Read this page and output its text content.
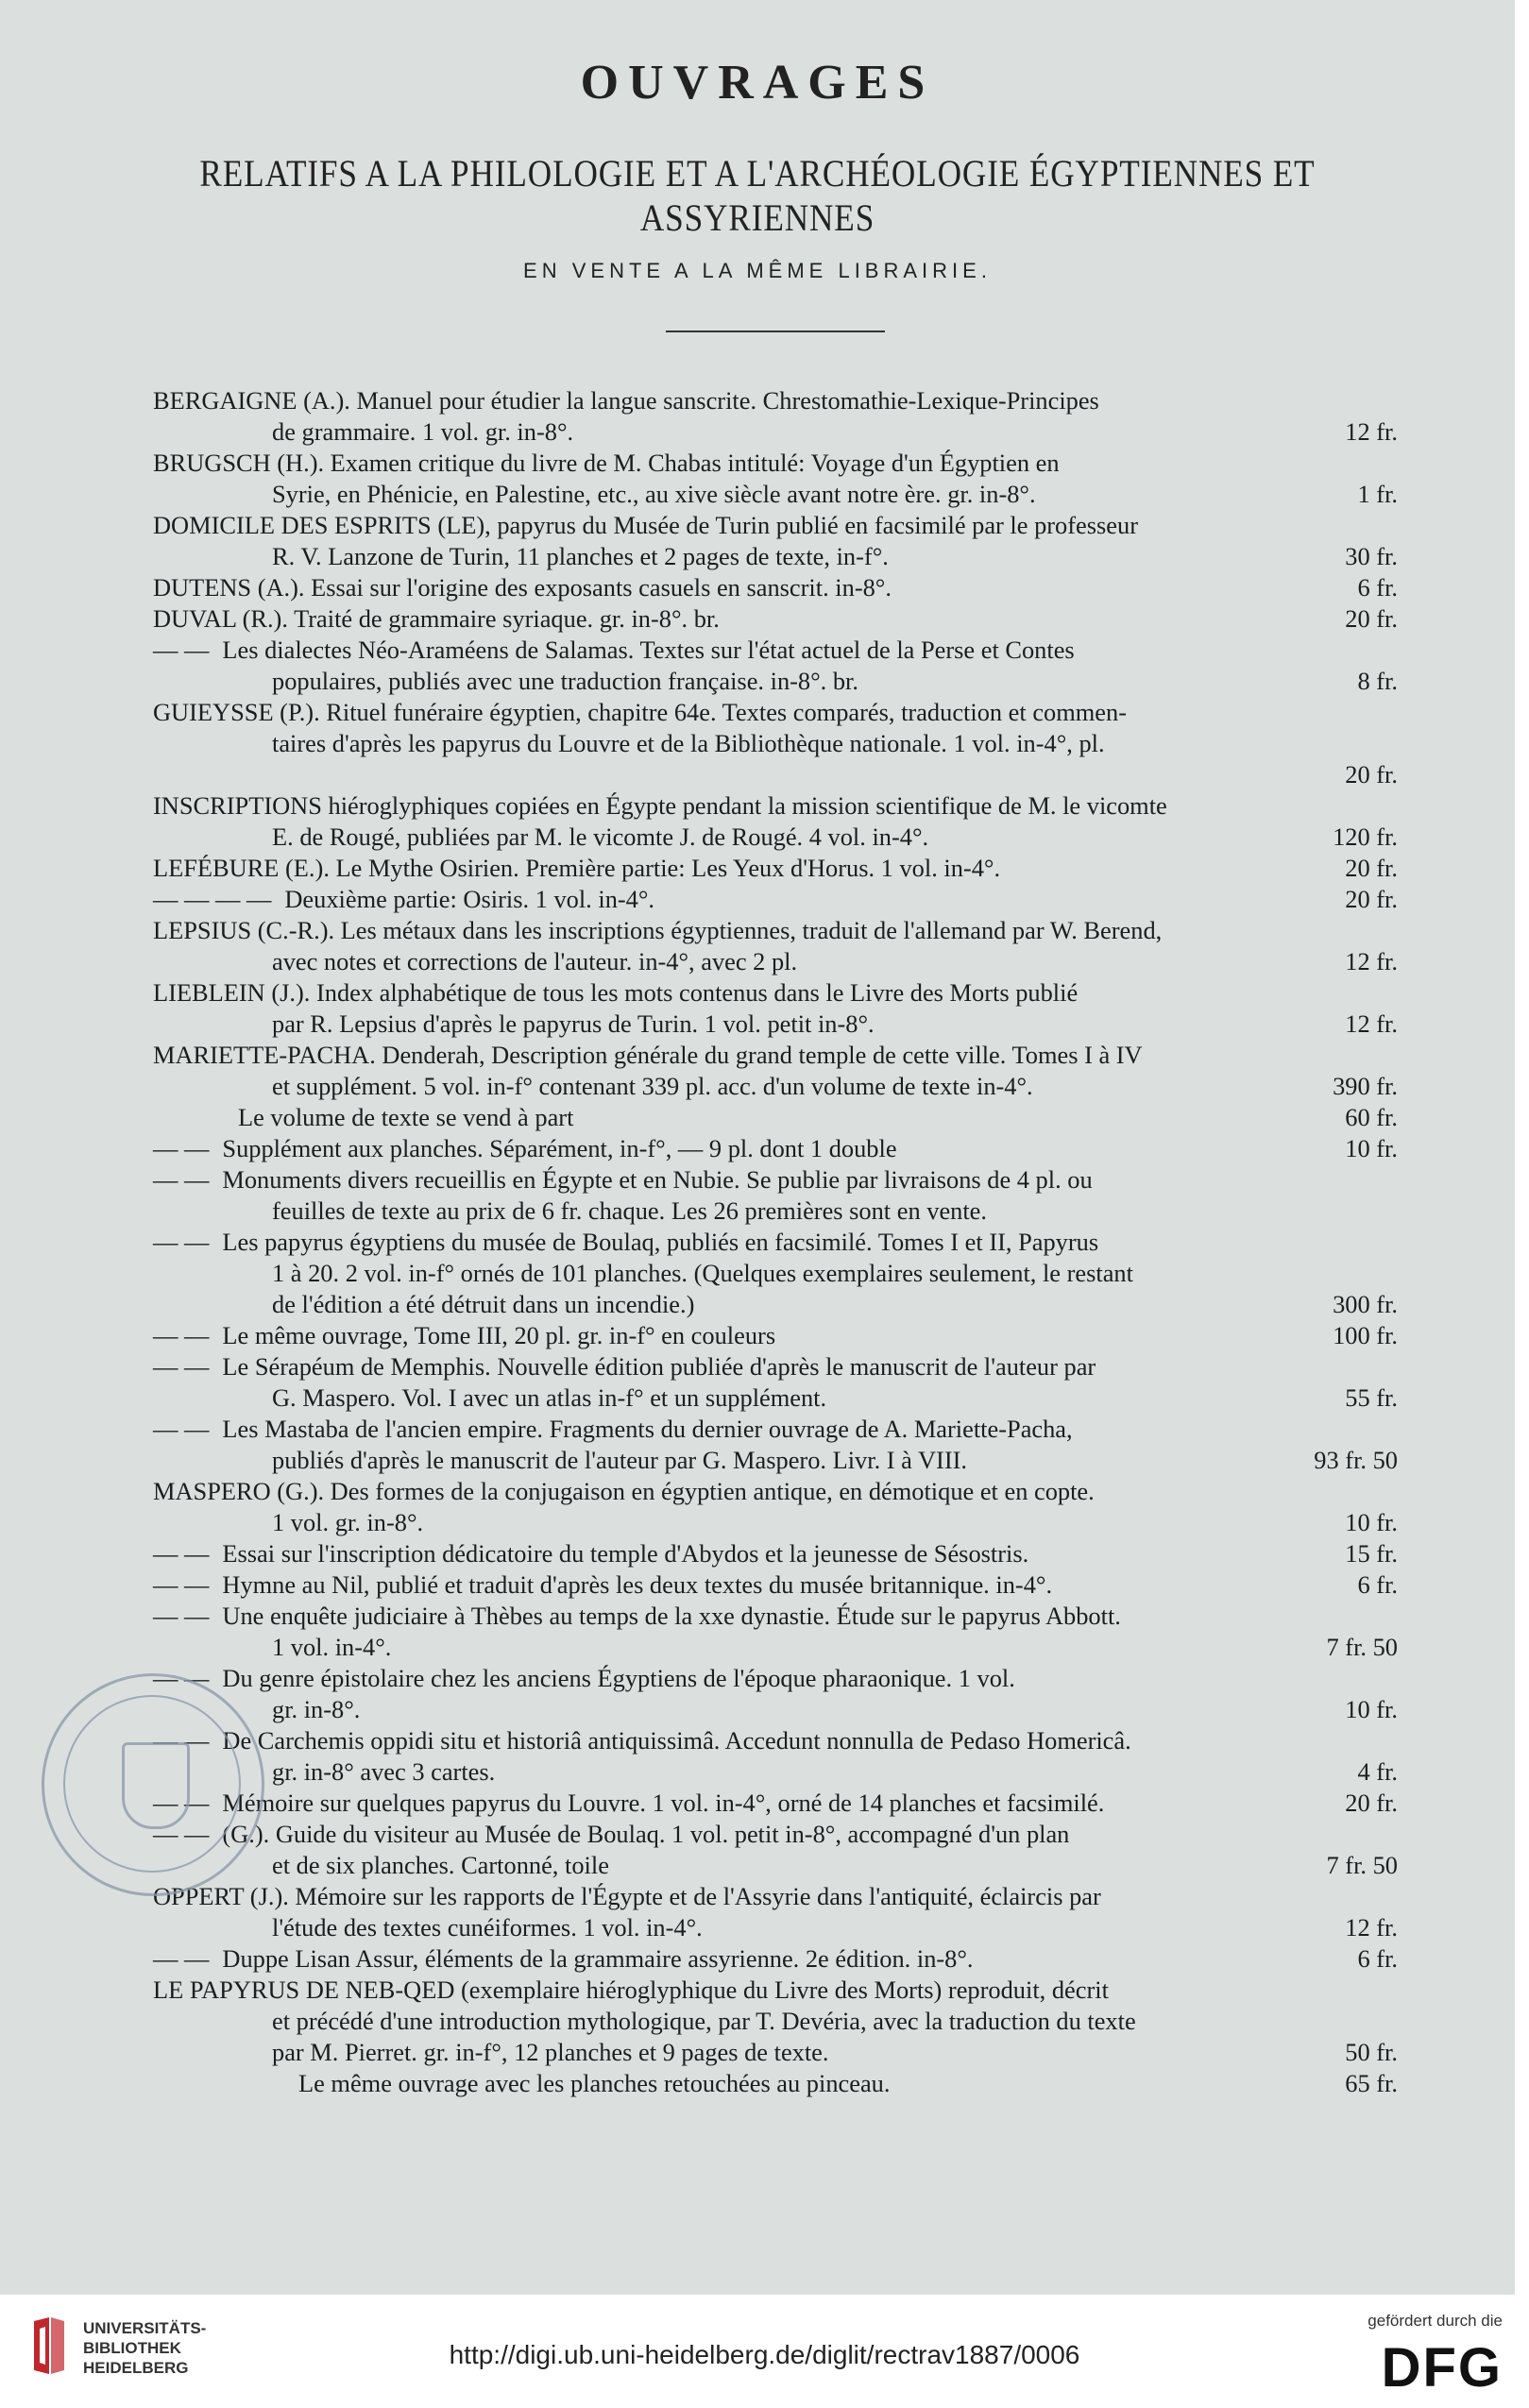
OUVRAGES
RELATIFS A LA PHILOLOGIE ET A L'ARCHÉOLOGIE ÉGYPTIENNES ET ASSYRIENNES
EN VENTE A LA MÊME LIBRAIRIE.
BERGAIGNE (A.). Manuel pour étudier la langue sanscrite. Chrestomathie-Lexique-Principes
de grammaire. 1 vol. gr. in-8°.	12 fr.
BRUGSCH (H.). Examen critique du livre de M. Chabas intitulé: Voyage d'un Égyptien en
Syrie, en Phénicie, en Palestine, etc., au xive siècle avant notre ère. gr. in-8°.	1 fr.
DOMICILE DES ESPRITS (LE), papyrus du Musée de Turin publié en facsimilé par le professeur
R. V. Lanzone de Turin, 11 planches et 2 pages de texte, in-f°.	30 fr.
DUTENS (A.). Essai sur l'origine des exposants casuels en sanscrit. in-8°.	6 fr.
DUVAL (R.). Traité de grammaire syriaque. gr. in-8°. br.	20 fr.
— — Les dialectes Néo-Araméens de Salamas. Textes sur l'état actuel de la Perse et Contes
populaires, publiés avec une traduction française. in-8°. br.	8 fr.
GUIEYSSE (P.). Rituel funéraire égyptien, chapitre 64e. Textes comparés, traduction et commen-
taires d'après les papyrus du Louvre et de la Bibliothèque nationale. 1 vol. in-4°, pl.
20 fr.
INSCRIPTIONS hiéroglyphiques copiées en Égypte pendant la mission scientifique de M. le vicomte
E. de Rougé, publiées par M. le vicomte J. de Rougé. 4 vol. in-4°.	120 fr.
LEFÉBURE (E.). Le Mythe Osirien. Première partie: Les Yeux d'Horus. 1 vol. in-4°.	20 fr.
— — — — Deuxième partie: Osiris. 1 vol. in-4°.	20 fr.
LEPSIUS (C.-R.). Les métaux dans les inscriptions égyptiennes, traduit de l'allemand par W. Berend,
avec notes et corrections de l'auteur. in-4°, avec 2 pl.	12 fr.
LIEBLEIN (J.). Index alphabétique de tous les mots contenus dans le Livre des Morts publié
par R. Lepsius d'après le papyrus de Turin. 1 vol. petit in-8°.	12 fr.
MARIETTE-PACHA. Denderah, Description générale du grand temple de cette ville. Tomes I à IV
et supplément. 5 vol. in-f° contenant 339 pl. acc. d'un volume de texte in-4°.	390 fr.
Le volume de texte se vend à part	60 fr.
— — Supplément aux planches. Séparément, in-f°, — 9 pl. dont 1 double	10 fr.
— — Monuments divers recueillis en Égypte et en Nubie. Se publie par livraisons de 4 pl. ou
feuilles de texte au prix de 6 fr. chaque. Les 26 premières sont en vente.
— — Les papyrus égyptiens du musée de Boulaq, publiés en facsimilé. Tomes I et II, Papyrus
1 à 20. 2 vol. in-f° ornés de 101 planches. (Quelques exemplaires seulement, le restant
de l'édition a été détruit dans un incendie.)	300 fr.
— — Le même ouvrage, Tome III, 20 pl. gr. in-f° en couleurs	100 fr.
— — Le Sérapéum de Memphis. Nouvelle édition publiée d'après le manuscrit de l'auteur par
G. Maspero. Vol. I avec un atlas in-f° et un supplément.	55 fr.
— — Les Mastaba de l'ancien empire. Fragments du dernier ouvrage de A. Mariette-Pacha,
publiés d'après le manuscrit de l'auteur par G. Maspero. Livr. I à VIII.	93 fr. 50
MASPERO (G.). Des formes de la conjugaison en égyptien antique, en démotique et en copte.
1 vol. gr. in-8°.	10 fr.
— — Essai sur l'inscription dédicatoire du temple d'Abydos et la jeunesse de Sésostris.	15 fr.
— — Hymne au Nil, publié et traduit d'après les deux textes du musée britannique. in-4°.	6 fr.
— — Une enquête judiciaire à Thèbes au temps de la xxe dynastie. Étude sur le papyrus Abbott.
1 vol. in-4°.	7 fr. 50
— — Du genre épistolaire chez les anciens Égyptiens de l'époque pharaonique. 1 vol.
gr. in-8°.	10 fr.
— — De Carchemis oppidi situ et historiâ antiquissimâ. Accedunt nonnulla de Pedaso Homericâ.
gr. in-8° avec 3 cartes.	4 fr.
— — Mémoire sur quelques papyrus du Louvre. 1 vol. in-4°, orné de 14 planches et facsimilé.	20 fr.
— — (G.). Guide du visiteur au Musée de Boulaq. 1 vol. petit in-8°, accompagné d'un plan
et de six planches. Cartonné, toile	7 fr. 50
OPPERT (J.). Mémoire sur les rapports de l'Égypte et de l'Assyrie dans l'antiquité, éclaircis par
l'étude des textes cunéiformes. 1 vol. in-4°.	12 fr.
— — Duppe Lisan Assur, éléments de la grammaire assyrienne. 2e édition. in-8°.	6 fr.
LE PAPYRUS DE NEB-QED (exemplaire hiéroglyphique du Livre des Morts) reproduit, décrit
et précédé d'une introduction mythologique, par T. Devéria, avec la traduction du texte
par M. Pierret. gr. in-f°, 12 planches et 9 pages de texte.	50 fr.
Le même ouvrage avec les planches retouchées au pinceau.	65 fr.
UNIVERSITÄTS-
BIBLIOTHEK
HEIDELBERG	http://digi.ub.uni-heidelberg.de/diglit/rectrav1887/0006
gefördert durch die
DFG
